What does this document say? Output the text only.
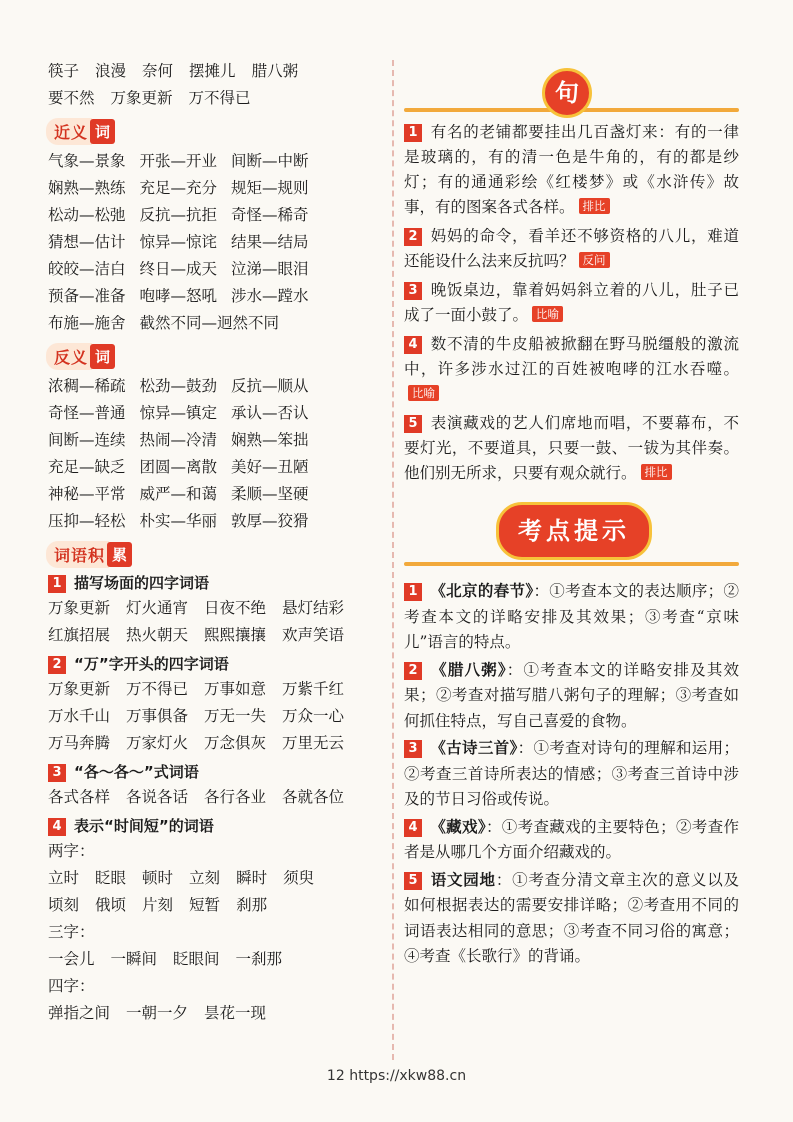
筷子 浪漫 奈何 摆摊儿 腊八粥
要不然 万象更新 万不得已
近义 词
气象—景象 开张—开业 间断—中断
娴熟—熟练 充足—充分 规矩—规则
松动—松弛 反抗—抗拒 奇怪—稀奇
猜想—估计 惊异—惊诧 结果—结局
皎皎—洁白 终日—成天 泣涕—眼泪
预备—准备 咆哮—怒吼 涉水—蹚水
布施—施舍 截然不同—迥然不同
反义 词
浓稠—稀疏 松劲—鼓劲 反抗—顺从
奇怪—普通 惊异—镇定 承认—否认
间断—连续 热闹—冷清 娴熟—笨拙
充足—缺乏 团圆—离散 美好—丑陋
神秘—平常 威严—和蔼 柔顺—坚硬
压抑—轻松 朴实—华丽 敦厚—狡猾
词语积 累
1 描写场面的四字词语
万象更新 灯火通宵 日夜不绝 悬灯结彩
红旗招展 热火朝天 熙熙攘攘 欢声笑语
2 “万”字开头的四字词语
万象更新 万不得已 万事如意 万紫千红
万水千山 万事俱备 万无一失 万众一心
万马奔腾 万家灯火 万念俱灰 万里无云
3 “各～各～”式词语
各式各样 各说各话 各行各业 各就各位
4 表示“时间短”的词语
两字：
立时 眨眼 顿时 立刻 瞬时 须臾
顷刻 俄顷 片刻 短暂 刹那
三字：
一会儿 一瞬间 眨眼间 一刹那
四字：
弹指之间 一朝一夕 昙花一现
句
1 有名的老铺都要挂出几百盏灯来：有的一律是玻璃的，有的清一色是牛角的，有的都是纱灯；有的通通彩绘《红楼梦》或《水浒传》故事，有的图案各式各样。 排比
2 妈妈的命令，看羊还不够资格的八儿，难道还能设什么法来反抗吗？ 反问
3 晚饭桌边，靠着妈妈斜立着的八儿，肚子已成了一面小鼓了。 比喻
4 数不清的牛皮船被掀翻在野马脱缰般的激流中，许多涉水过江的百姓被咆哮的江水吞噬。比喻
5 表演藏戏的艺人们席地而唱，不要幕布，不要灯光，不要道具，只要一鼓、一钹为其伴奏。他们别无所求，只要有观众就行。 排比
考点提示
1 《北京的春节》：①考查本文的表达顺序；②考查本文的详略安排及其效果；③考查“京味儿”语言的特点。
2 《腊八粥》：①考查本文的详略安排及其效果；②考查对描写腊八粥句子的理解；③考查如何抓住特点，写自己喜爱的食物。
3 《古诗三首》：①考查对诗句的理解和运用；②考查三首诗所表达的情感；③考查三首诗中涉及的节日习俗或传说。
4 《藏戏》：①考查藏戏的主要特色；②考查作者是从哪几个方面介绍藏戏的。
5 语文园地：①考查分清文章主次的意义以及如何根据表达的需要安排详略；②考查用不同的词语表达相同的意思；③考查不同习俗的寓意；④考查《长歌行》的背诵。
12 https://xkw88.cn
